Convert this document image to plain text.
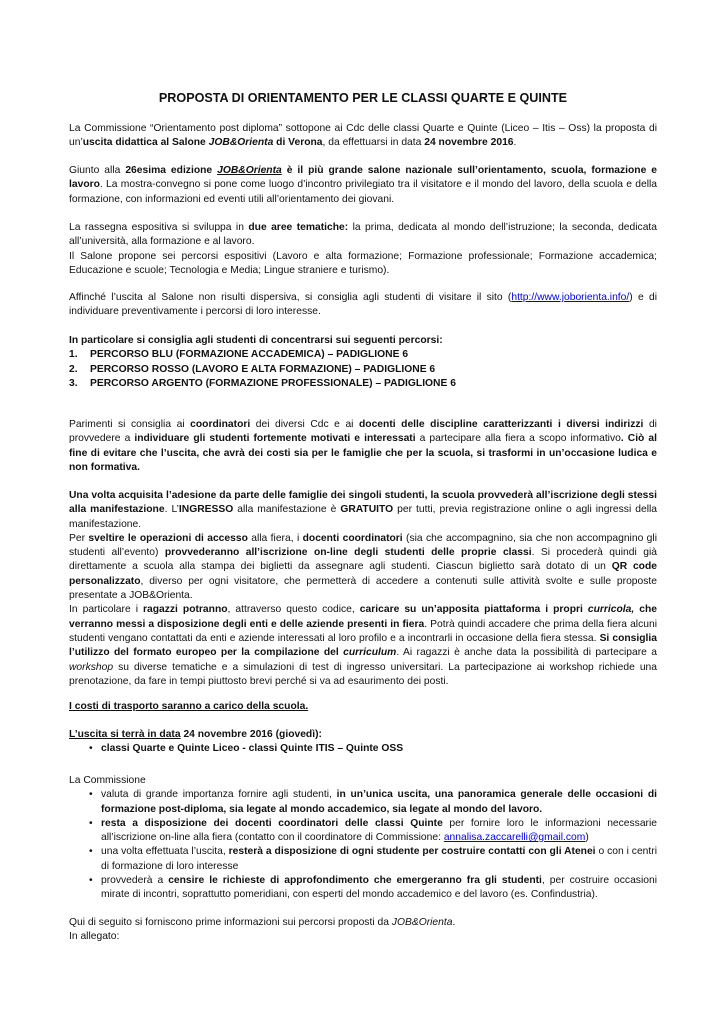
PROPOSTA DI ORIENTAMENTO PER LE CLASSI QUARTE E QUINTE
La Commissione “Orientamento post diploma” sottopone ai Cdc delle classi Quarte e Quinte (Liceo – Itis – Oss) la proposta di un’uscita didattica al Salone JOB&Orienta di Verona, da effettuarsi in data 24 novembre 2016.
Giunto alla 26esima edizione JOB&Orienta è il più grande salone nazionale sull’orientamento, scuola, formazione e lavoro. La mostra-convegno si pone come luogo d’incontro privilegiato tra il visitatore e il mondo del lavoro, della scuola e della formazione, con informazioni ed eventi utili all’orientamento dei giovani.

La rassegna espositiva si sviluppa in due aree tematiche: la prima, dedicata al mondo dell’istruzione; la seconda, dedicata all’università, alla formazione e al lavoro.

Il Salone propone sei percorsi espositivi (Lavoro e alta formazione; Formazione professionale; Formazione accademica; Educazione e scuole; Tecnologia e Media; Lingue straniere e turismo).

Affinché l’uscita al Salone non risulti dispersiva, si consiglia agli studenti di visitare il sito (http://www.joborienta.info/) e di individuare preventivamente i percorsi di loro interesse.

In particolare si consiglia agli studenti di concentrarsi sui seguenti percorsi:

1. PERCORSO BLU (FORMAZIONE ACCADEMICA) – PADIGLIONE 6
2. PERCORSO ROSSO (LAVORO E ALTA FORMAZIONE) – PADIGLIONE 6
3. PERCORSO ARGENTO (FORMAZIONE PROFESSIONALE) – PADIGLIONE 6
Parimenti si consiglia ai coordinatori dei diversi Cdc e ai docenti delle discipline caratterizzanti i diversi indirizzi di provvedere a individuare gli studenti fortemente motivati e interessati a partecipare alla fiera a scopo informativo. Ciò al fine di evitare che l’uscita, che avrà dei costi sia per le famiglie che per la scuola, si trasformi in un’occasione ludica e non formativa.

Una volta acquisita l’adesione da parte delle famiglie dei singoli studenti, la scuola provvederà all’iscrizione degli stessi alla manifestazione. L’INGRESSO alla manifestazione è GRATUITO per tutti, previa registrazione online o agli ingressi della manifestazione.

Per sveltire le operazioni di accesso alla fiera, i docenti coordinatori (sia che accompagnino, sia che non accompagnino gli studenti all’evento) provvederanno all’iscrizione on-line degli studenti delle proprie classi. Si procederà quindi già direttamente a scuola alla stampa dei biglietti da assegnare agli studenti. Ciascun biglietto sarà dotato di un QR code personalizzato, diverso per ogni visitatore, che permetterà di accedere a contenuti sulle attività svolte e sulle proposte presentate a JOB&Orienta.

In particolare i ragazzi potranno, attraverso questo codice, caricare su un’apposita piattaforma i propri curricola, che verranno messi a disposizione degli enti e delle aziende presenti in fiera. Potrà quindi accadere che prima della fiera alcuni studenti vengano contattati da enti e aziende interessati al loro profilo e a incontrarli in occasione della fiera stessa. Si consiglia l’utilizzo del formato europeo per la compilazione del curriculum. Ai ragazzi è anche data la possibilità di partecipare a workshop su diverse tematiche e a simulazioni di test di ingresso universitari. La partecipazione ai workshop richiede una prenotazione, da fare in tempi piuttosto brevi perché si va ad esaurimento dei posti.

I costi di trasporto saranno a carico della scuola.

L’uscita si terrà in data 24 novembre 2016 (giovedì):

• classi Quarte e Quinte Liceo - classi Quinte ITIS – Quinte OSS

La Commissione

• valuta di grande importanza fornire agli studenti, in un’unica uscita, una panoramica generale delle occasioni di formazione post-diploma, sia legate al mondo accademico, sia legate al mondo del lavoro.
• resta a disposizione dei docenti coordinatori delle classi Quinte per fornire loro le informazioni necessarie all’iscrizione on-line alla fiera (contatto con il coordinatore di Commissione: annalisa.zaccarelli@gmail.com)
• una volta effettuata l’uscita, resterà a disposizione di ogni studente per costruire contatti con gli Atenei o con i centri di formazione di loro interesse
• provvederà a censire le richieste di approfondimento che emergeranno fra gli studenti, per costruire occasioni mirate di incontri, soprattutto pomeridiani, con esperti del mondo accademico e del lavoro (es. Confindustria).

Qui di seguito si forniscono prime informazioni sui percorsi proposti da JOB&Orienta.

In allegato:
